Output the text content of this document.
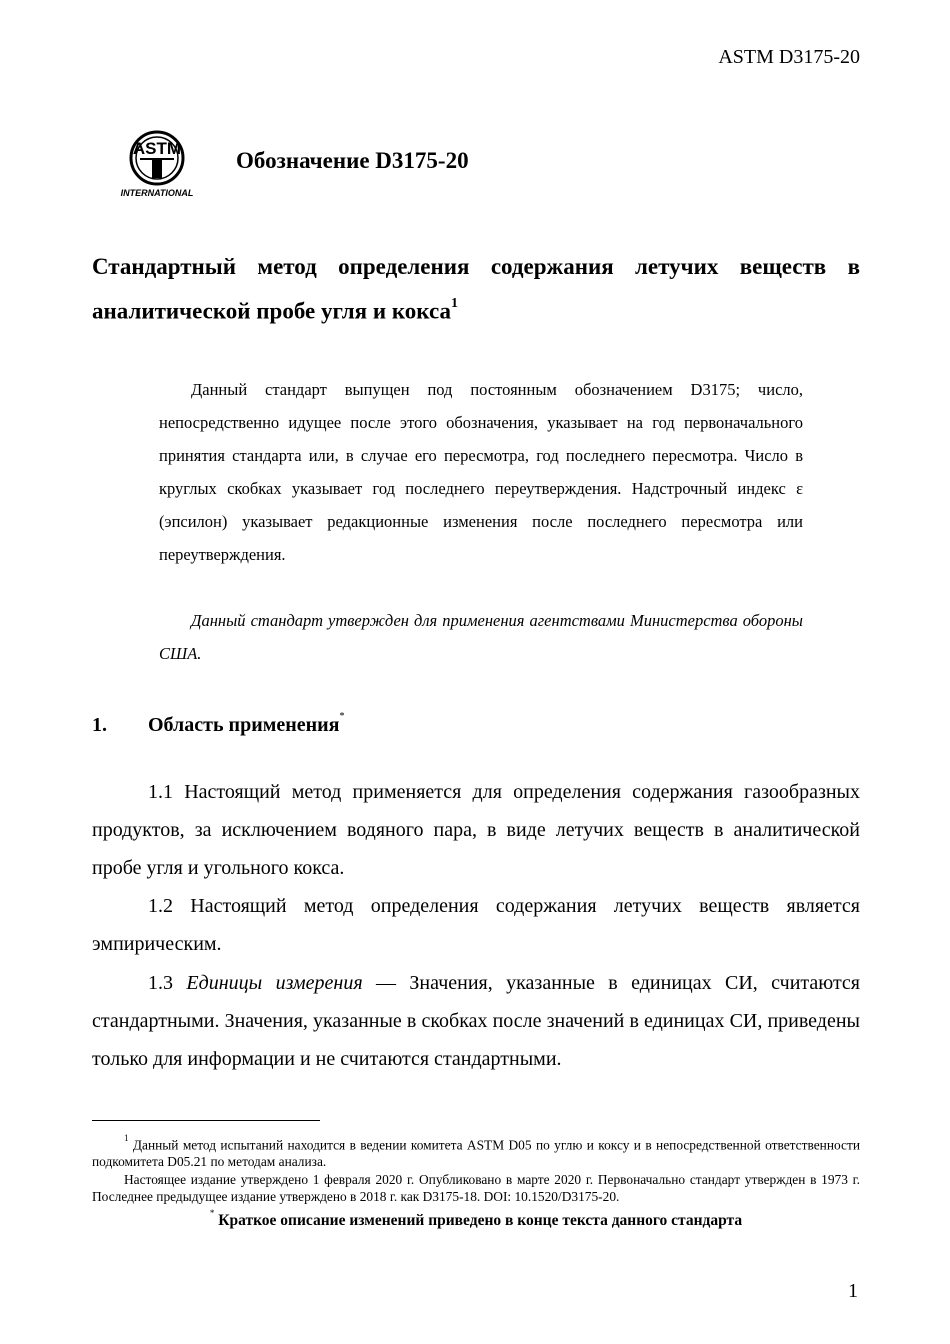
ASTM D3175-20
ASTM
INTERNATIONAL
Обозначение D3175-20
Стандартный метод определения содержания летучих веществ в аналитической пробе угля и кокса$^1$
Данный стандарт выпущен под постоянным обозначением D3175; число, непосредственно идущее после этого обозначения, указывает на год первоначального принятия стандарта или, в случае его пересмотра, год последнего пересмотра. Число в круглых скобках указывает год последнего переутверждения. Надстрочный индекс ε (эпсилон) указывает редакционные изменения после последнего пересмотра или переутверждения.
Данный стандарт утвержден для применения агентствами Министерства обороны США.
1. Область применения*
1.1 Настоящий метод применяется для определения содержания газообразных продуктов, за исключением водяного пара, в виде летучих веществ в аналитической пробе угля и угольного кокса.
1.2 Настоящий метод определения содержания летучих веществ является эмпирическим.
1.3 Единицы измерения — Значения, указанные в единицах СИ, считаются стандартными. Значения, указанные в скобках после значений в единицах СИ, приведены только для информации и не считаются стандартными.
$^1$ Данный метод испытаний находится в ведении комитета ASTM D05 по углю и коксу и в непосредственной ответственности подкомитета D05.21 по методам анализа.
Настоящее издание утверждено 1 февраля 2020 г. Опубликовано в марте 2020 г. Первоначально стандарт утвержден в 1973 г. Последнее предыдущее издание утверждено в 2018 г. как D3175-18. DOI: 10.1520/D3175-20.
* Краткое описание изменений приведено в конце текста данного стандарта
1
